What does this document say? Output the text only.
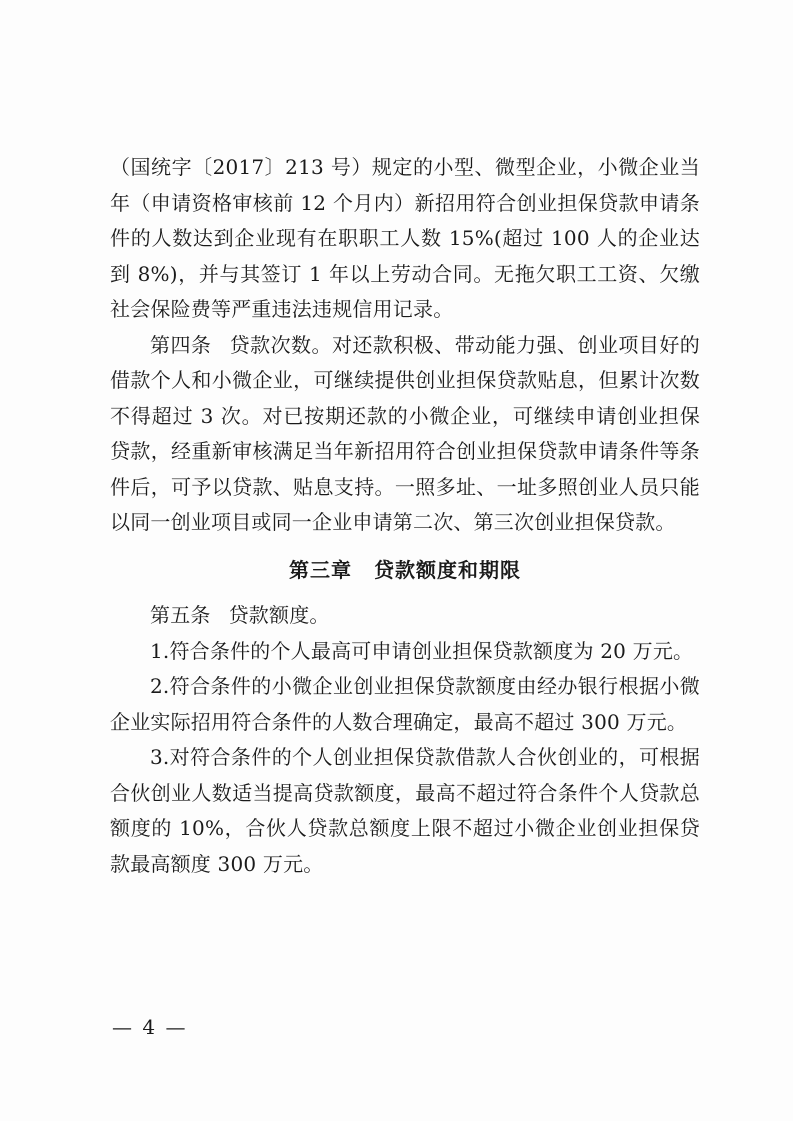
（国统字〔2017〕213 号）规定的小型、微型企业，小微企业当年（申请资格审核前 12 个月内）新招用符合创业担保贷款申请条件的人数达到企业现有在职职工人数 15%(超过 100 人的企业达到 8%)，并与其签订 1 年以上劳动合同。无拖欠职工工资、欠缴社会保险费等严重违法违规信用记录。

第四条 贷款次数。对还款积极、带动能力强、创业项目好的借款个人和小微企业，可继续提供创业担保贷款贴息，但累计次数不得超过 3 次。对已按期还款的小微企业，可继续申请创业担保贷款，经重新审核满足当年新招用符合创业担保贷款申请条件等条件后，可予以贷款、贴息支持。一照多址、一址多照创业人员只能以同一创业项目或同一企业申请第二次、第三次创业担保贷款。

第三章 贷款额度和期限

第五条 贷款额度。

1.符合条件的个人最高可申请创业担保贷款额度为 20 万元。

2.符合条件的小微企业创业担保贷款额度由经办银行根据小微企业实际招用符合条件的人数合理确定，最高不超过 300 万元。

3.对符合条件的个人创业担保贷款借款人合伙创业的，可根据合伙创业人数适当提高贷款额度，最高不超过符合条件个人贷款总额度的 10%，合伙人贷款总额度上限不超过小微企业创业担保贷款最高额度 300 万元。

— 4 —
